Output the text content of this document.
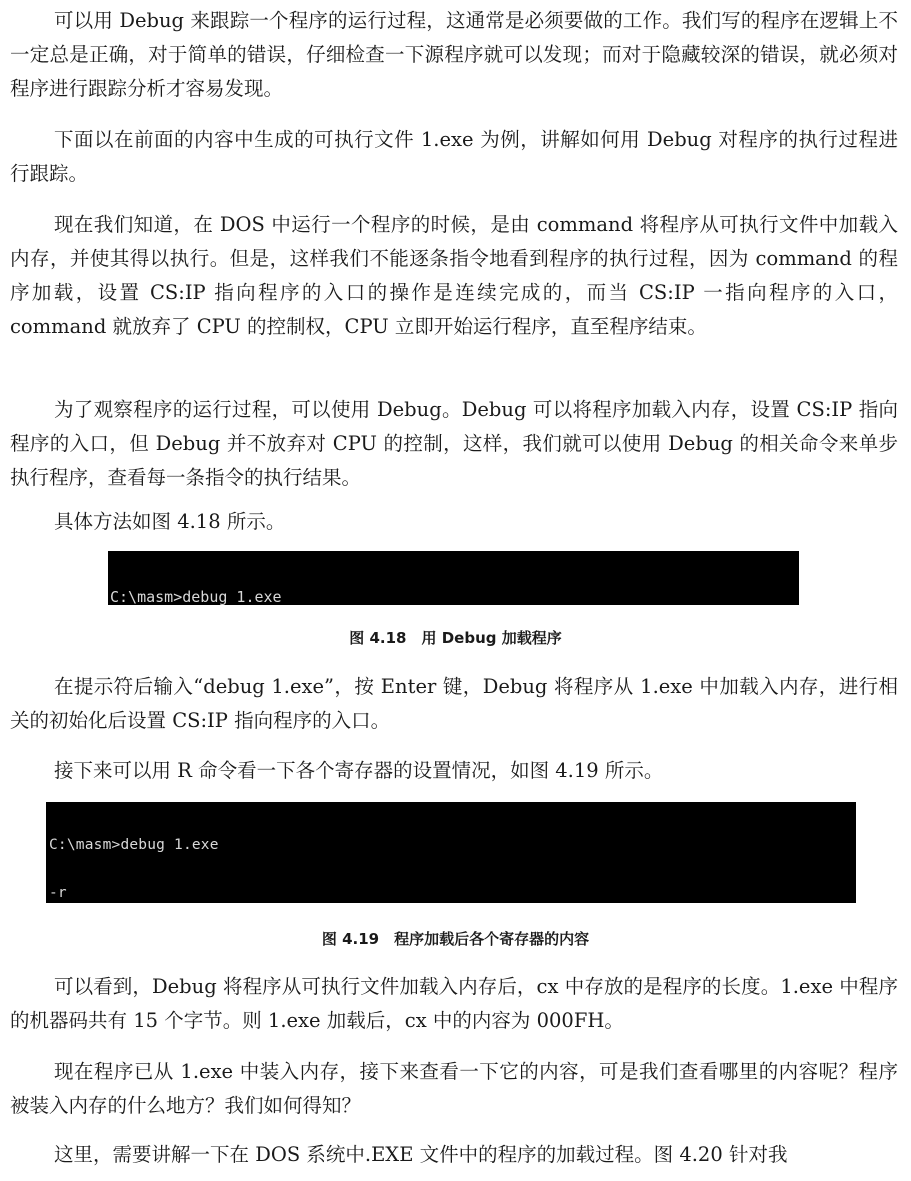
可以用 Debug 来跟踪一个程序的运行过程，这通常是必须要做的工作。我们写的程序在逻辑上不一定总是正确，对于简单的错误，仔细检查一下源程序就可以发现；而对于隐藏较深的错误，就必须对程序进行跟踪分析才容易发现。

下面以在前面的内容中生成的可执行文件 1.exe 为例，讲解如何用 Debug 对程序的执行过程进行跟踪。

现在我们知道，在 DOS 中运行一个程序的时候，是由 command 将程序从可执行文件中加载入内存，并使其得以执行。但是，这样我们不能逐条指令地看到程序的执行过程，因为 command 的程序加载，设置 CS:IP 指向程序的入口的操作是连续完成的，而当 CS:IP 一指向程序的入口，command 就放弃了 CPU 的控制权，CPU 立即开始运行程序，直至程序结束。

为了观察程序的运行过程，可以使用 Debug。Debug 可以将程序加载入内存，设置 CS:IP 指向程序的入口，但 Debug 并不放弃对 CPU 的控制，这样，我们就可以使用 Debug 的相关命令来单步执行程序，查看每一条指令的执行结果。

具体方法如图 4.18 所示。

C:\masm>debug 1.exe

图 4.18　用 Debug 加载程序

在提示符后输入“debug 1.exe”，按 Enter 键，Debug 将程序从 1.exe 中加载入内存，进行相关的初始化后设置 CS:IP 指向程序的入口。

接下来可以用 R 命令看一下各个寄存器的设置情况，如图 4.19 所示。

C:\masm>debug 1.exe

-r

图 4.19　程序加载后各个寄存器的内容

可以看到，Debug 将程序从可执行文件加载入内存后，cx 中存放的是程序的长度。1.exe 中程序的机器码共有 15 个字节。则 1.exe 加载后，cx 中的内容为 000FH。

现在程序已从 1.exe 中装入内存，接下来查看一下它的内容，可是我们查看哪里的内容呢？程序被装入内存的什么地方？我们如何得知？

这里，需要讲解一下在 DOS 系统中.EXE 文件中的程序的加载过程。图 4.20 针对我
